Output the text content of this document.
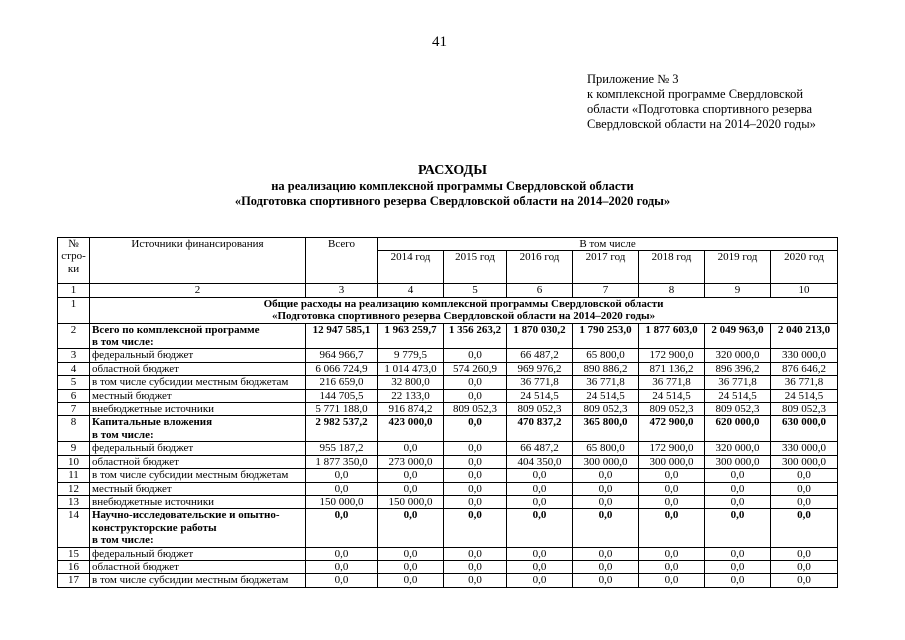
41
Приложение № 3
к комплексной программе Свердловской
области «Подготовка спортивного резерва
Свердловской области на 2014–2020 годы»
РАСХОДЫ
на реализацию комплексной программы Свердловской области
«Подготовка спортивного резерва Свердловской области на 2014–2020 годы»
№
стро-
ки	Источники финансирования	Всего	В том числе						
			2014 год	2015 год	2016 год	2017 год	2018 год	2019 год	2020 год
1	2	3	4	5	6	7	8	9	10
1	Общие расходы на реализацию комплексной программы Свердловской области
«Подготовка спортивного резерва Свердловской области на 2014–2020 годы»								

2	Всего по комплексной программе
в том числе:	12 947 585,1	1 963 259,7	1 356 263,2	1 870 030,2	1 790 253,0	1 877 603,0	2 049 963,0	2 040 213,0
3	федеральный бюджет	964 966,7	9 779,5	0,0	66 487,2	65 800,0	172 900,0	320 000,0	330 000,0
4	областной бюджет	6 066 724,9	1 014 473,0	574 260,9	969 976,2	890 886,2	871 136,2	896 396,2	876 646,2
5	в том числе субсидии местным бюджетам	216 659,0	32 800,0	0,0	36 771,8	36 771,8	36 771,8	36 771,8	36 771,8
6	местный бюджет	144 705,5	22 133,0	0,0	24 514,5	24 514,5	24 514,5	24 514,5	24 514,5
7	внебюджетные источники	5 771 188,0	916 874,2	809 052,3	809 052,3	809 052,3	809 052,3	809 052,3	809 052,3
8	Капитальные вложения
в том числе:	2 982 537,2	423 000,0	0,0	470 837,2	365 800,0	472 900,0	620 000,0	630 000,0
9	федеральный бюджет	955 187,2	0,0	0,0	66 487,2	65 800,0	172 900,0	320 000,0	330 000,0
10	областной бюджет	1 877 350,0	273 000,0	0,0	404 350,0	300 000,0	300 000,0	300 000,0	300 000,0
11	в том числе субсидии местным бюджетам	0,0	0,0	0,0	0,0	0,0	0,0	0,0	0,0
12	местный бюджет	0,0	0,0	0,0	0,0	0,0	0,0	0,0	0,0
13	внебюджетные источники	150 000,0	150 000,0	0,0	0,0	0,0	0,0	0,0	0,0
14	Научно-исследовательские и опытно-
конструкторские работы
в том числе:	0,0	0,0	0,0	0,0	0,0	0,0	0,0	0,0
15	федеральный бюджет	0,0	0,0	0,0	0,0	0,0	0,0	0,0	0,0
16	областной бюджет	0,0	0,0	0,0	0,0	0,0	0,0	0,0	0,0
17	в том числе субсидии местным бюджетам	0,0	0,0	0,0	0,0	0,0	0,0	0,0	0,0
